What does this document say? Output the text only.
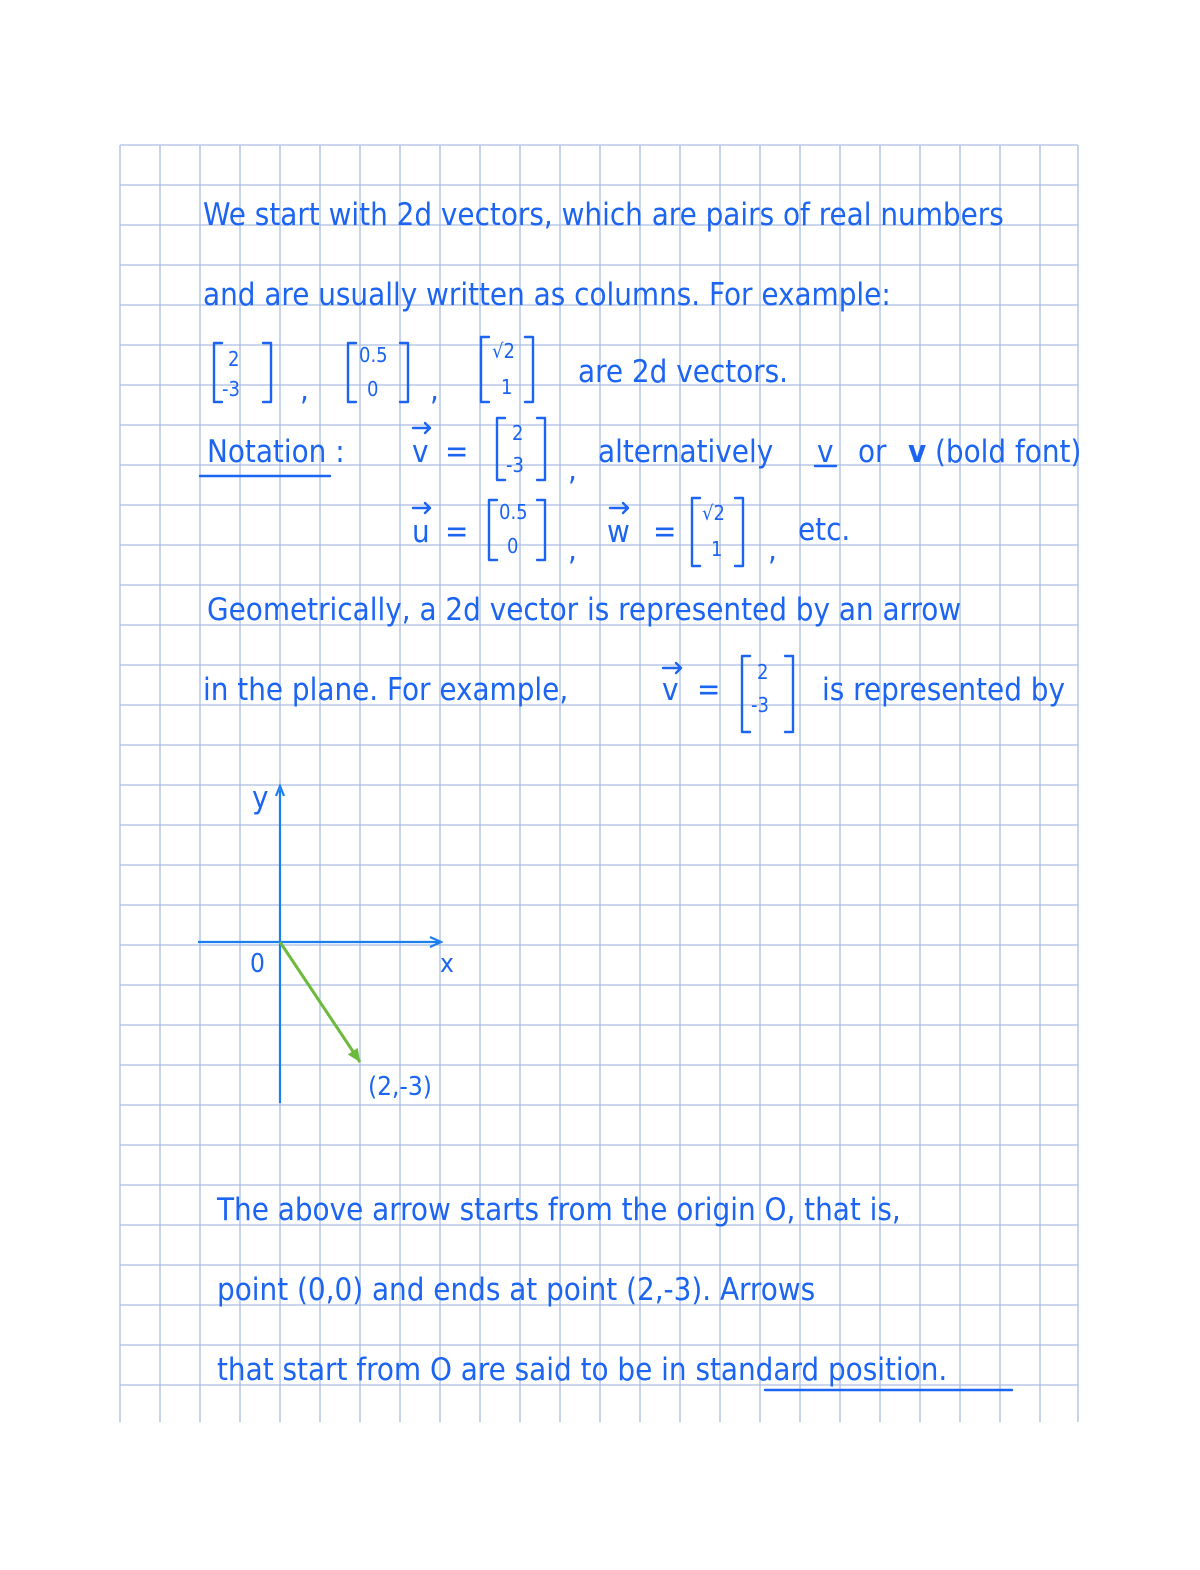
We start with 2d vectors, which are pairs of real numbers
and are usually written as columns. For example:
2
-3 ,
0.5
0 ,
√2
1 are 2d vectors.
Notation : v =
2
-3 , alternatively v or v (bold font)
u =
0.5
0 , w =
√2
1 ,
etc.
Geometrically, a 2d vector is represented by an arrow
in the plane. For example,	v = 2
-3 is represented by
y
x
0
(2,-3)
The above arrow starts from the origin O, that is,
point (0,0) and ends at point (2,-3). Arrows
that start from O are said to be in standard position.
